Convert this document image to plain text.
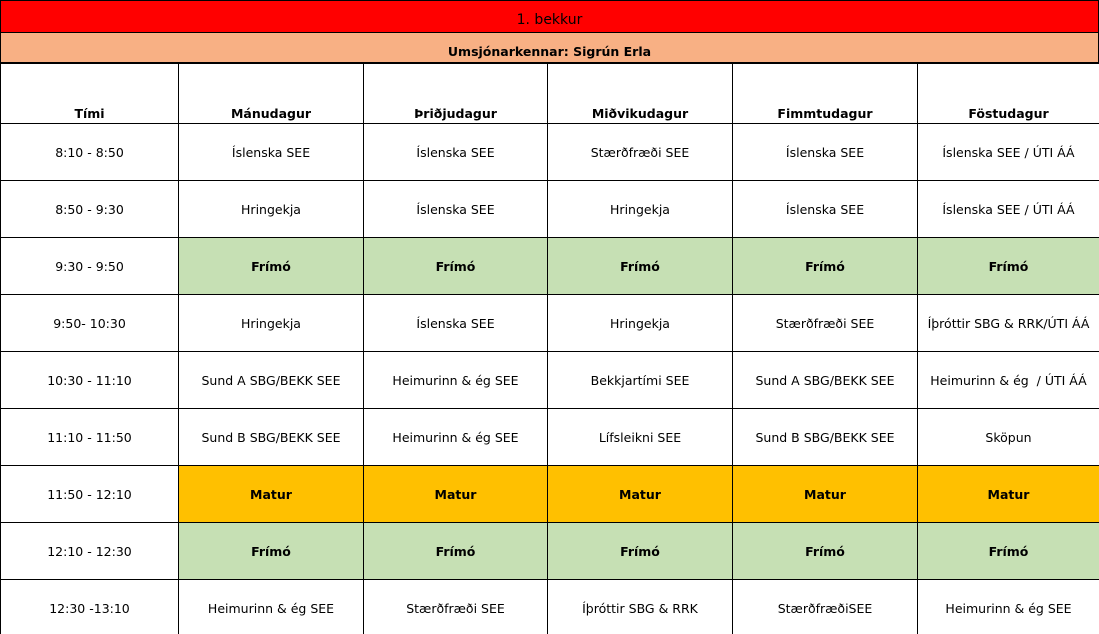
1. bekkur
Umsjónarkennar: Sigrún Erla
Tími	Mánudagur	Þriðjudagur	Miðvikudagur	Fimmtudagur	Föstudagur
8:10 - 8:50	Íslenska SEE	Íslenska SEE	Stærðfræði SEE	Íslenska SEE	Íslenska SEE / ÚTI ÁÁ
8:50 - 9:30	Hringekja	Íslenska SEE	Hringekja	Íslenska SEE	Íslenska SEE / ÚTI ÁÁ
9:30 - 9:50	Frímó	Frímó	Frímó	Frímó	Frímó
9:50- 10:30	Hringekja	Íslenska SEE	Hringekja	Stærðfræði SEE	Íþróttir SBG & RRK/ÚTI ÁÁ
10:30 - 11:10	Sund A SBG/BEKK SEE	Heimurinn & ég SEE	Bekkjartími SEE	Sund A SBG/BEKK SEE	Heimurinn & ég  / ÚTI ÁÁ
11:10 - 11:50	Sund B SBG/BEKK SEE	Heimurinn & ég SEE	Lífsleikni SEE	Sund B SBG/BEKK SEE	Sköpun
11:50 - 12:10	Matur	Matur	Matur	Matur	Matur
12:10 - 12:30	Frímó	Frímó	Frímó	Frímó	Frímó
12:30 -13:10	Heimurinn & ég SEE	Stærðfræði SEE	Íþróttir SBG & RRK	StærðfræðiSEE	Heimurinn & ég SEE
